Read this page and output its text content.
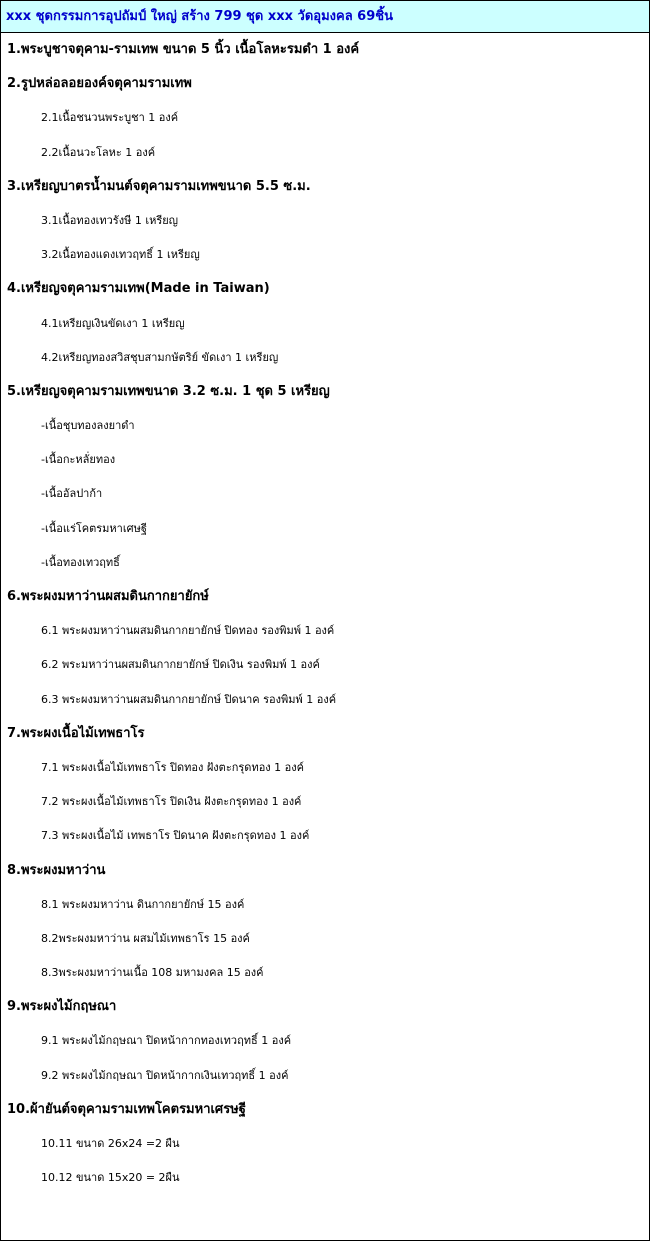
xxx ชุดกรรมการอุปถัมป์ ใหญ่ สร้าง 799 ชุด xxx วัดอุมงคล 69ชิ้น
1.พระบูชาจตุคาม-รามเทพ ขนาด 5 นิ้ว เนื้อโลหะรมดำ 1 องค์
2.รูปหล่อลอยองค์จตุคามรามเทพ
2.1เนื้อชนวนพระบูชา 1 องค์
2.2เนื้อนวะโลหะ 1 องค์
3.เหรียญบาตรน้ำมนต์จตุคามรามเทพขนาด 5.5 ซ.ม.
3.1เนื้อทองเทวรังษี 1 เหรียญ
3.2เนื้อทองแดงเทวฤทธิ์ 1 เหรียญ
4.เหรียญจตุคามรามเทพ(Made in Taiwan)
4.1เหรียญเงินขัดเงา 1 เหรียญ
4.2เหรียญทองสวิสชุบสามกษัตริย์ ขัดเงา 1 เหรียญ
5.เหรียญจตุคามรามเทพขนาด 3.2 ซ.ม. 1 ชุด 5 เหรียญ
-เนื้อชุบทองลงยาดำ
-เนื้อกะหลั่ยทอง
-เนื้ออัลปาก้า
-เนื้อแร่โคตรมหาเศษฐี
-เนื้อทองเทวฤทธิ์
6.พระผงมหาว่านผสมดินกากยายักษ์
6.1 พระผงมหาว่านผสมดินกากยายักษ์ ปิดทอง รองพิมพ์ 1 องค์
6.2 พระมหาว่านผสมดินกากยายักษ์ ปิดเงิน รองพิมพ์ 1 องค์
6.3 พระผงมหาว่านผสมดินกากยายักษ์ ปิดนาค รองพิมพ์ 1 องค์
7.พระผงเนื้อไม้เทพธาโร
7.1 พระผงเนื้อไม้เทพธาโร ปิดทอง ฝังตะกรุดทอง 1 องค์
7.2 พระผงเนื้อไม้เทพธาโร ปิดเงิน ฝังตะกรุดทอง 1 องค์
7.3 พระผงเนื้อไม้ เทพธาโร ปิดนาค ฝังตะกรุดทอง 1 องค์
8.พระผงมหาว่าน
8.1 พระผงมหาว่าน ดินกากยายักษ์ 15 องค์
8.2พระผงมหาว่าน ผสมไม้เทพธาโร 15 องค์
8.3พระผงมหาว่านเนื้อ 108 มหามงคล 15 องค์
9.พระผงไม้กฤษณา
9.1 พระผงไม้กฤษณา ปิดหน้ากากทองเทวฤทธิ์ 1 องค์
9.2 พระผงไม้กฤษณา ปิดหน้ากากเงินเทวฤทธิ์ 1 องค์
10.ผ้ายันต์จตุคามรามเทพโคตรมหาเศรษฐี
10.11 ขนาด 26x24 =2 ผืน
10.12 ขนาด 15x20 = 2ผืน
